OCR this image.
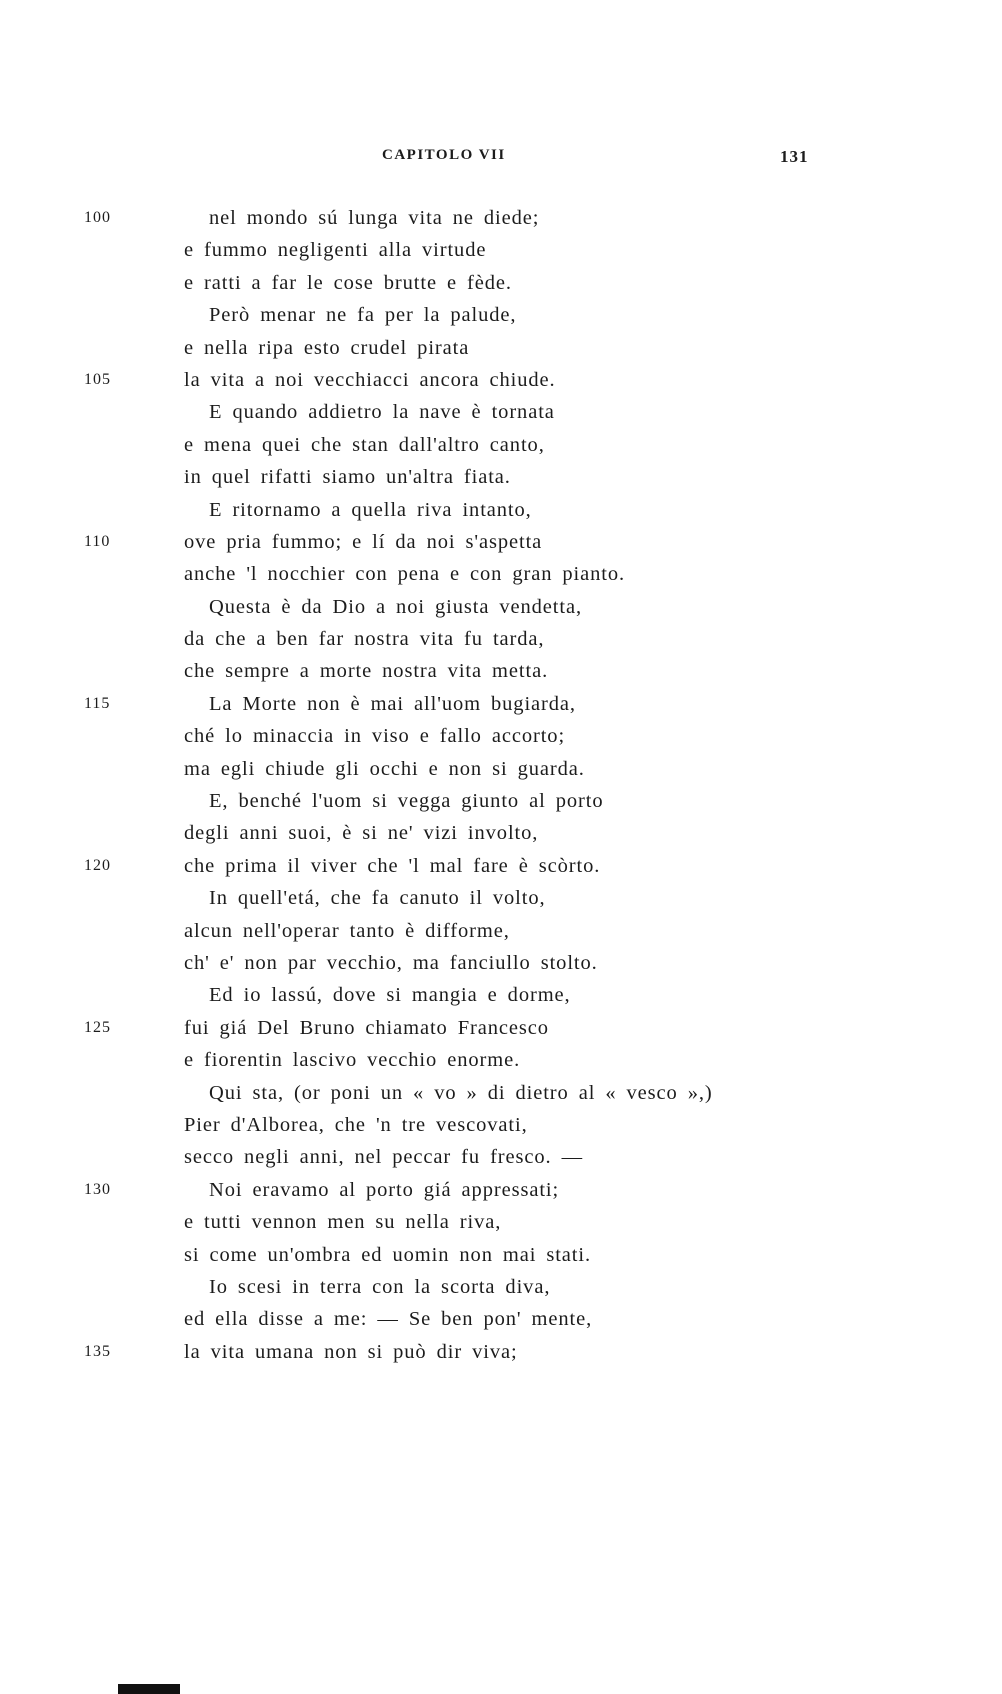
CAPITOLO VII	131
100	nel mondo sú lunga vita ne diede;
e fummo negligenti alla virtude
e ratti a far le cose brutte e fède.
Però menar ne fa per la palude,
e nella ripa esto crudel pirata
105	la vita a noi vecchiacci ancora chiude.
E quando addietro la nave è tornata
e mena quei che stan dall'altro canto,
in quel rifatti siamo un'altra fiata.
E ritornamo a quella riva intanto,
110	ove pria fummo; e lí da noi s'aspetta
anche 'l nocchier con pena e con gran pianto.
Questa è da Dio a noi giusta vendetta,
da che a ben far nostra vita fu tarda,
che sempre a morte nostra vita metta.
115	La Morte non è mai all'uom bugiarda,
ché lo minaccia in viso e fallo accorto;
ma egli chiude gli occhi e non si guarda.
E, benché l'uom si vegga giunto al porto
degli anni suoi, è si ne' vizi involto,
120	che prima il viver che 'l mal fare è scòrto.
In quell'etá, che fa canuto il volto,
alcun nell'operar tanto è difforme,
ch' e' non par vecchio, ma fanciullo stolto.
Ed io lassú, dove si mangia e dorme,
125	fui giá Del Bruno chiamato Francesco
e fiorentin lascivo vecchio enorme.
Qui sta, (or poni un « vo » di dietro al « vesco »,)
Pier d'Alborea, che 'n tre vescovati,
secco negli anni, nel peccar fu fresco. —
130	Noi eravamo al porto giá appressati;
e tutti vennon men su nella riva,
si come un'ombra ed uomin non mai stati.
Io scesi in terra con la scorta diva,
ed ella disse a me: — Se ben pon' mente,
135	la vita umana non si può dir viva;
